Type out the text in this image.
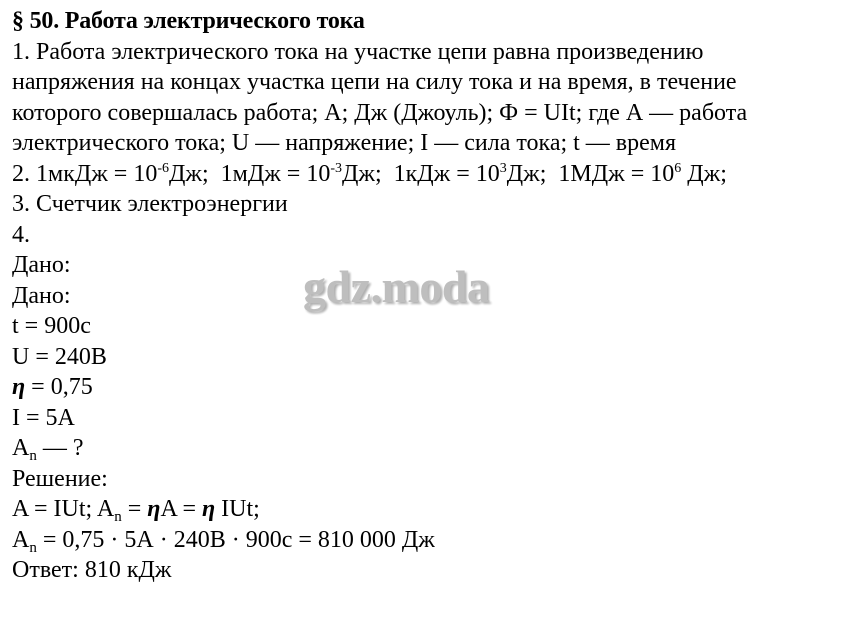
§ 50. Работа электрического тока
1. Работа электрического тока на участке цепи равна произведению
напряжения на концах участка цепи на силу тока и на время, в течение
которого совершалась работа; А; Дж (Джоуль); Ф = UIt; где А — работа
электрического тока; U — напряжение; I — сила тока; t — время
2. 1мкДж = $10^{-6}Дж$; $1мДж = 10^{-3}Дж$; $1кДж = 10^3Дж$; $1МДж = 10^6$ Дж;
3. Счетчик электроэнергии
4.
Дано:
Дано:
t = 900с
U = 240В
η = 0,75
I = 5А
$A_n$ — ?
Решение:
A = IUt; $A_n = \eta A = \eta$ IUt;
$A_n = 0,75 \cdot 5А \cdot 240В \cdot 900с = 810$ 000 Дж
Ответ: 810 кДж
gdz.moda
